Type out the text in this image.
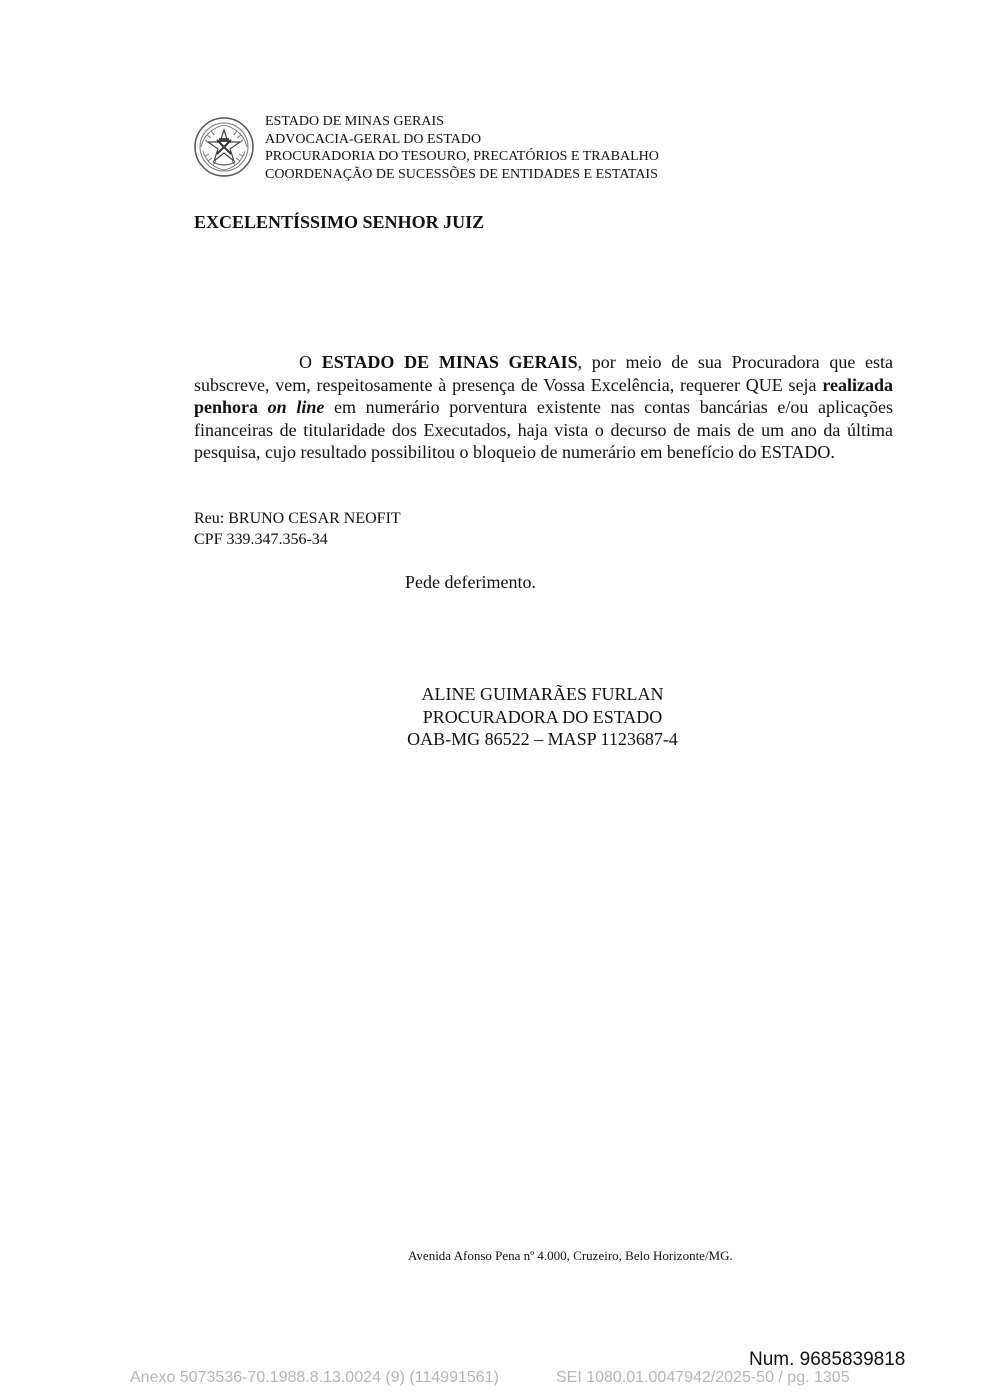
ESTADO DE MINAS GERAIS
ADVOCACIA-GERAL DO ESTADO
PROCURADORIA DO TESOURO, PRECATÓRIOS E TRABALHO
COORDENAÇÃO DE SUCESSÕES DE ENTIDADES E ESTATAIS
EXCELENTÍSSIMO SENHOR JUIZ
O ESTADO DE MINAS GERAIS, por meio de sua Procuradora que esta subscreve, vem, respeitosamente à presença de Vossa Excelência, requerer QUE seja realizada penhora on line em numerário porventura existente nas contas bancárias e/ou aplicações financeiras de titularidade dos Executados, haja vista o decurso de mais de um ano da última pesquisa, cujo resultado possibilitou o bloqueio de numerário em benefício do ESTADO.
Reu: BRUNO CESAR NEOFIT
CPF 339.347.356-34
Pede deferimento.
ALINE GUIMARÃES FURLAN
PROCURADORA DO ESTADO
OAB-MG 86522 – MASP 1123687-4
Avenida Afonso Pena nº 4.000, Cruzeiro, Belo Horizonte/MG.
Num. 9685839818
Anexo 5073536-70.1988.8.13.0024 (9) (114991561)	SEI 1080.01.0047942/2025-50 / pg. 1305
